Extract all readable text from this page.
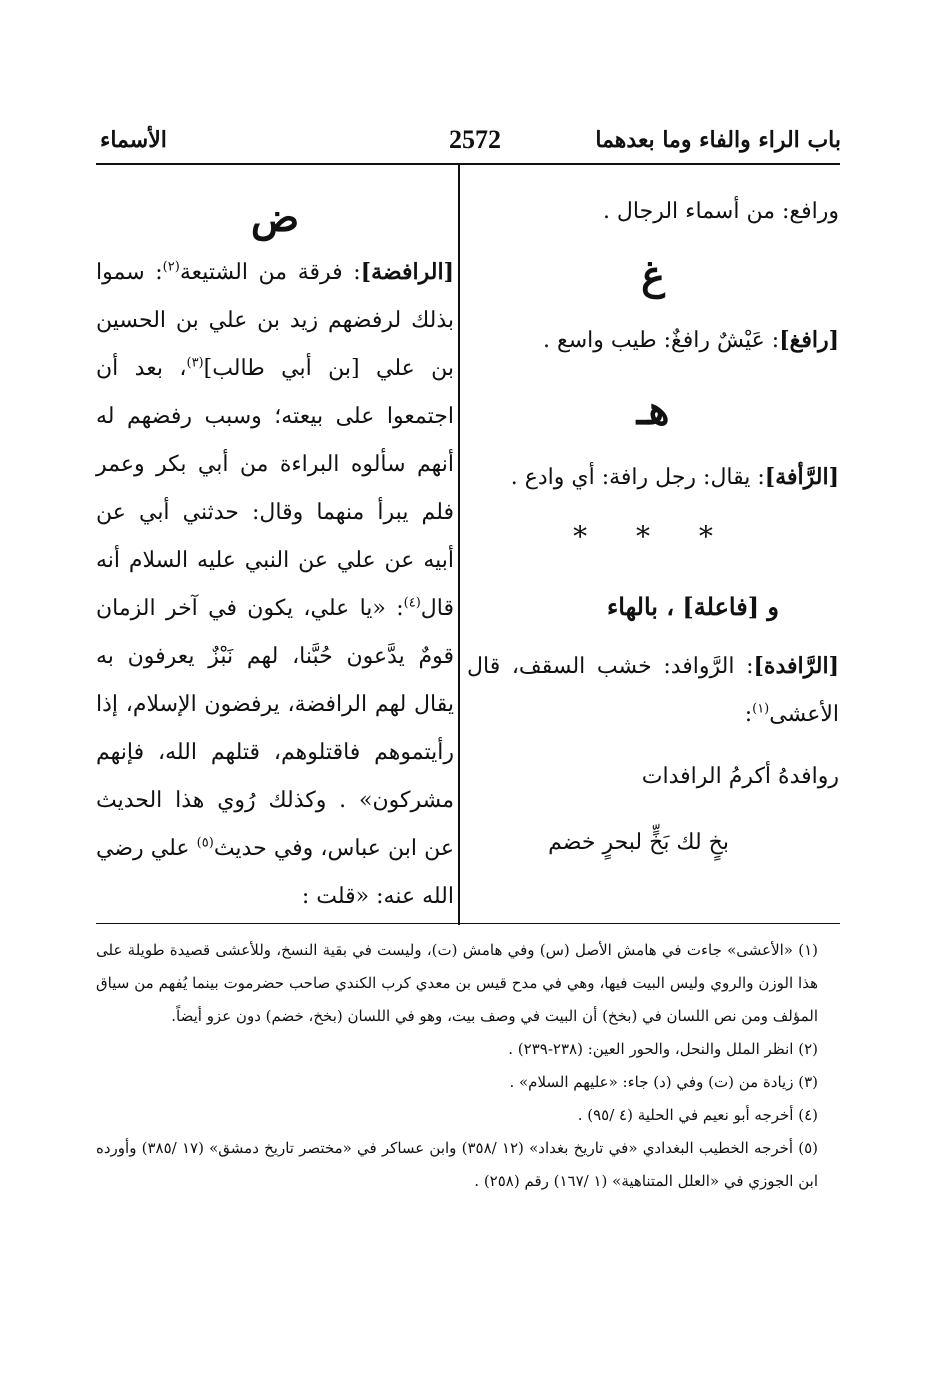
باب الراء والفاء وما بعدهما
2572
الأسماء

ورافع: من أسماء الرجال .

غ

[رافغ]: عَيْشٌ رافغٌ: طيب واسع .

هـ

[الرَّأفة]: يقال: رجل رافة: أي وادع .

* * *

و [فاعلة] ، بالهاء

[الرَّافدة]: الرَّوافد: خشب السقف، قال الأعشى$^{(١)}$:

روافدهُ أكرمُ الرافدات

بخٍ لك بَخٍّ لبحرٍ خضم

ض

[الرافضة]: فرقة من الشتيعة$^{(٢)}$: سموا بذلك لرفضهم زيد بن علي بن الحسين بن علي [بن أبي طالب]$^{(٣)}$، بعد أن اجتمعوا على بيعته؛ وسبب رفضهم له أنهم سألوه البراءة من أبي بكر وعمر فلم يبرأ منهما وقال: حدثني أبي عن أبيه عن علي عن النبي عليه السلام أنه قال$^{(٤)}$: «يا علي، يكون في آخر الزمان قومٌ يدَّعون حُبَّنا، لهم نَبْزٌ يعرفون به يقال لهم الرافضة، يرفضون الإسلام، إذا رأيتموهم فاقتلوهم، قتلهم الله، فإنهم مشركون» . وكذلك رُوي هذا الحديث عن ابن عباس، وفي حديث$^{(٥)}$ علي رضي الله عنه: «قلت :

(١) «الأعشى» جاءت في هامش الأصل (س) وفي هامش (ت)، وليست في بقية النسخ، وللأعشى قصيدة طويلة على هذا الوزن والروي وليس البيت فيها، وهي في مدح قيس بن معدي كرب الكندي صاحب حضرموت بينما يُفهم من سياق المؤلف ومن نص اللسان في (بخخ) أن البيت في وصف بيت، وهو في اللسان (بخخ، خضم) دون عزو أيضاً.

(٢) انظر الملل والنحل، والحور العين: (٢٣٨-٢٣٩) .

(٣) زيادة من (ت) وفي (د) جاء: «عليهم السلام» .

(٤) أخرجه أبو نعيم في الحلية (٤ /٩٥) .

(٥) أخرجه الخطيب البغدادي «في تاريخ بغداد» (١٢ /٣٥٨) وابن عساكر في «مختصر تاريخ دمشق» (١٧ /٣٨٥) وأورده ابن الجوزي في «العلل المتناهية» (١ /١٦٧) رقم (٢٥٨) .
